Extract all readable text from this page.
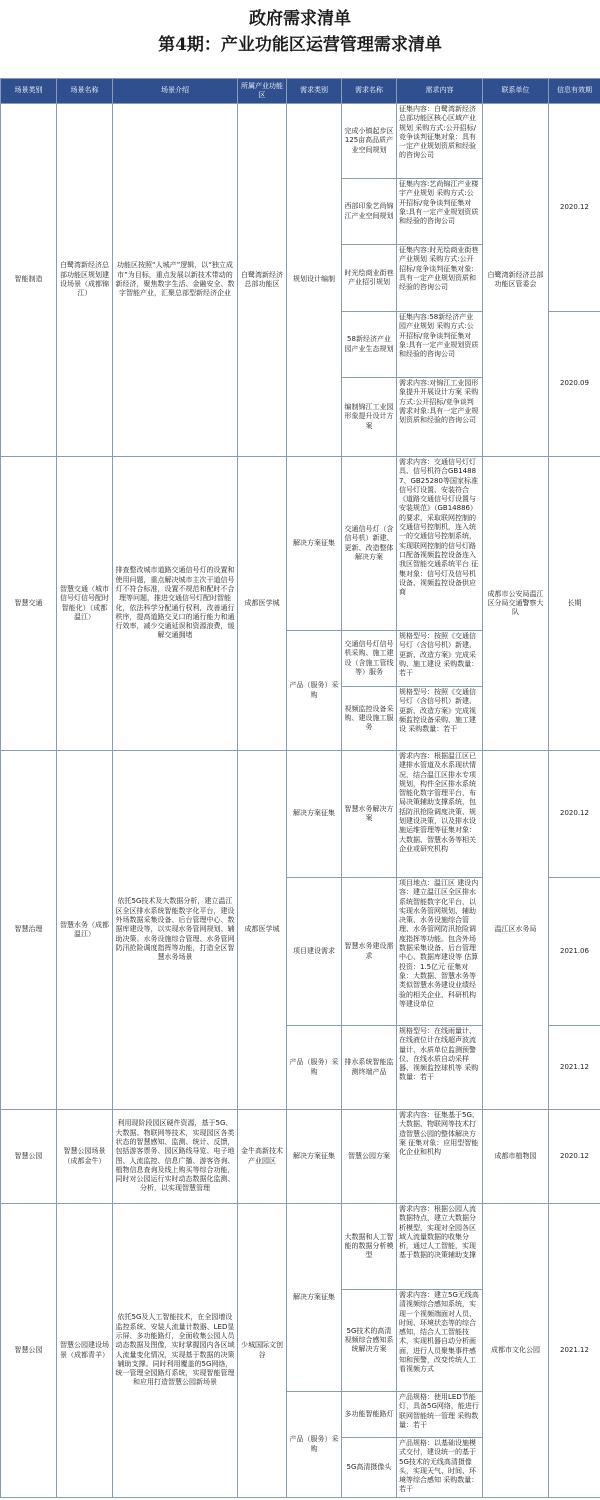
政府需求清单
第4期：产业功能区运营管理需求清单
场景类别	场景名称	场景介绍	所属产业功能区	需求类别	需求名称	需求内容	联系单位	信息有效期
智能制造	白鹭湾新经济总部功能区规划建设场景（成都锦江）	功能区按照“人城产”逻辑，以“独立成市”为目标，重点发展以新技术带动的新经济，聚焦数字生活、金融安全、数字智能产业，汇聚总部型新经济企业	白鹭湾新经济总部功能区	规划设计编制	完成小镇起步区125亩高品质产业空间规划	征集内容：白鹭湾新经济总部功能区核心区域产业规划 采购方式:公开招标/竞争谈判征集对象：具有一定产业规划资质和经验的咨询公司	白鹭湾新经济总部功能区管委会	2020.12
					西部印象艺尚锦江产业空间规划	征集内容:艺尚锦江产业楼宇产业规划 采购方式:公开招标/竞争谈判征集对象:具有一定产业规划资质和经验的咨询公司		
					时光绘商业街巷产业招引规划	征集内容:时光绘商业街巷产业规划 采购方式:公开招标/竞争谈判征集对象:具有一定产业规划资质和经验的咨询公司		
					58新经济产业园产业生态规划	征集内容:58新经济产业园产业规划 采购方式:公开招标/竞争谈判征集对象:具有一定产业规划资质和经验的咨询公司		2020.09
					编制锦江工业园形象提升设计方案	需求内容:对锦江工业园形象提升开展设计方案 采购方式:公开招标/竞争谈判需求对象:具有一定产业规划资质和经验的咨询公司		
智慧交通	智慧交通（城市信号灯信号配时智能化）（成都温江）	排查整改城市道路交通信号灯的设置和使用问题，重点解决城市主次干道信号灯不符合标准，设置不规范和配时不合理等问题，推进交通信号灯配时智能化，依法科学分配通行权利，改善通行秩序，提高道路交叉口的通行能力和通行效率，减少交通延误和资源浪费，缓解交通拥堵	成都医学城	解决方案征集	交通信号灯（含信号机）新建、更新、改造整体解决方案	需求内容：交通信号灯灯具、信号机符合GB14887、GB25280等国家标准信号灯设置、安装符合《道路交通信号灯设置与安装规范》（GB14886）的要求，采取联网控制的交通信号控制机，连入统一的交通信号控制系统，实现联网控制的信号灯路口配备视频监控设备连入我区智能交通系统平台 征集对象：信号灯及信号机设备、视频监控设备供应商	成都市公安局温江区分局交通警察大队	长期
				产品（服务）采购	交通信号灯信号机采购、施工建设（含施工管线等）服务	规格型号：按照《交通信号灯（含信号机）新建、更新、改造方案》完成采购、施工建设 采购数量：若干		
					视频监控设备采购、建设施工服务	规格型号：按照《交通信号灯（含信号机）新建、更新、改造方案》完成视频监控设备采购、施工建设 采购数量：若干		
智慧治理	智慧水务（成都温江）	依托5G技术及大数据分析，建立温江区全区排水系统智能数字化平台，建设外场数据采集设备、后台管理中心、数据库建设等，以实现水务管网规划、辅助决策、水务设施综合管理、水务管网防汛抢险调度指挥等功能，打造全区智慧水务场景	成都医学城	解决方案征集	智慧水务解决方案	需求内容：根据温江区已建排水管道及水系现状情况，结合温江区排水专项规划，构件全区排水系统智能化数字管理平台，布局决策辅助支撑系统，包括防汛抢险调度决策、规划建设决策，以及排水设施运维管理等征集对象：大数据、智慧水务等相关企业或研究机构	温江区水务局	2020.12
				项目建设需求	智慧水务建设需求	项目地点：温江区 建设内容：建立温江区全区排水系统智能数字化平台，以实现水务管网规划、辅助决策、水务设施综合管理、水务管网防汛抢险调度指挥等功能。包含外场数据采集设备、后台管理中心、数据库建设等 估算投资：1.5亿元 征集对象：大数据、智慧水务等类似智慧水务建设业绩经验的相关企业、科研机构等建设单位		2021.06
				产品（服务）采购	排水系统智能监测终端产品	规格型号：在线雨量计、在线液位计在线超声波流量计、水质单位监测预警仪、在线水质自动采样器、视频监控球机等 采购数量：若干		2021.12
智慧公园	智慧公园场景（成都金牛）	利用现阶段园区硬件资源，基于5G、大数据、物联网等技术，实现园区各类状态的智慧感知、监测、统计、反馈，包括游客票务、园区路线导览、电子地图、人流监控、信息广播、游客咨询、植物信息查询及线上购买等综合功能，同时对公园运行实时动态数据化监测、分析，以实现智慧管理	金牛高新技术产业园区	解决方案征集	智慧公园方案	需求内容：征集基于5G、大数据、物联网等技术打造智慧公园的整体解决方案 征集对象：应用型智能化企业和机构	成都市植物园	2020.12
智慧公园	智慧公园建设场景（成都青羊）	依托5G及人工智能技术，在全园增设监控系统、安装人流量计数器、LED显示屏、多功能路灯，全面收集公园人员动态数据及图像，实时掌握园内各区域人流量变化情况，实现基于数据的决策辅助支撑。同时利用覆盖的5G网络，统一管理全园路灯系统，实现智能管理和应用打造智慧公园新场景	少城国际文创谷	解决方案征集	大数据和人工智能的数据分析模型	需求内容：根据公园人流数据特点，建立大数据分析模型，实现对全园各区域人流量数据的收集分析，通过人工智能，实现基于数据的决策辅助支撑	成都市文化公园	2021.12
					5G技术的高清视频综合感知系统解决方案	需求内容：建立5G无线高清视频综合感知系统，实现一个视频端面对人员、时间、环境状态等的综合感知，结合人工智能技术，实现机器自动分析画面，进行人员聚集事件感知和预警，改变传统人工看视频方式		
				产品（服务）采购	多功能智能路灯	产品规格：使用LED节能灯，具备5G网络，能进行联网智能统一管理 采购数量：若干		
					5G高清摄像头	产品规格：以基础设施模式交付，建设统一的基于5G技术的无线高清摄像头，实现天气、时间、环境等综合感知 采购数量：若干		
